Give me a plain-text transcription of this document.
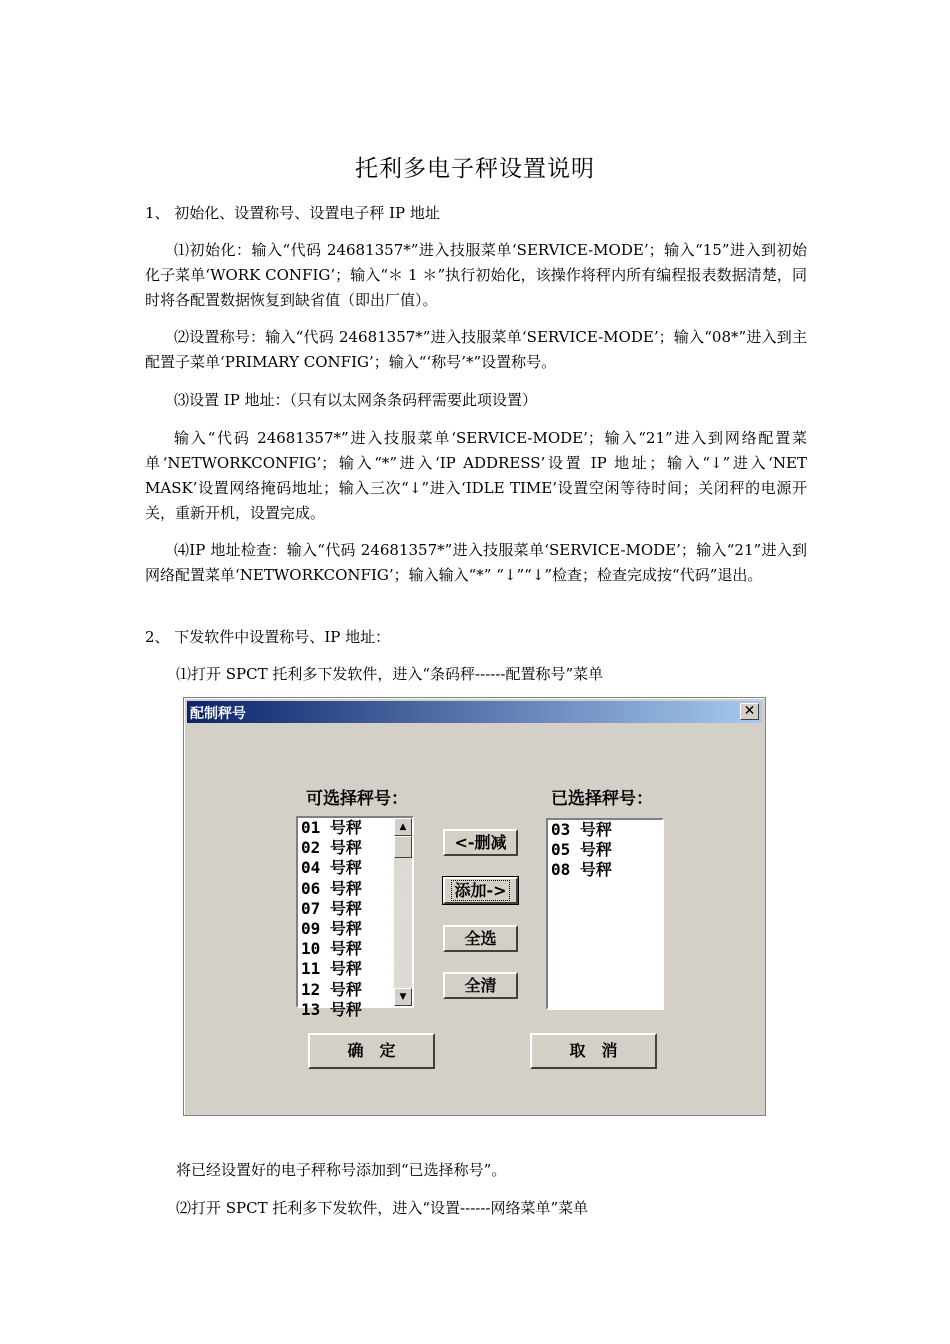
托利多电子秤设置说明
1、 初始化、设置称号、设置电子秤 IP 地址
⑴初始化：输入“代码 24681357*”进入技服菜单‘SERVICE-MODE’；输入“15”进入到初始化子菜单‘WORK CONFIG’；输入“＊ 1 ＊”执行初始化，该操作将秤内所有编程报表数据清楚，同时将各配置数据恢复到缺省值（即出厂值）。
⑵设置称号：输入“代码 24681357*”进入技服菜单‘SERVICE-MODE’；输入“08*”进入到主配置子菜单‘PRIMARY CONFIG’；输入“‘称号’*”设置称号。
⑶设置 IP 地址：（只有以太网条条码秤需要此项设置）
输入“代码 24681357*”进入技服菜单‘SERVICE-MODE’；输入“21”进入到网络配置菜单‘NETWORKCONFIG’；输入“*”进入‘IP ADDRESS’设置 IP 地址；输入“↓”进入‘NET MASK’设置网络掩码地址；输入三次“↓”进入‘IDLE TIME’设置空闲等待时间；关闭秤的电源开关，重新开机，设置完成。
⑷IP 地址检查：输入“代码 24681357*”进入技服菜单‘SERVICE-MODE’；输入“21”进入到网络配置菜单‘NETWORKCONFIG’；输入输入“*” “↓”“↓”检查；检查完成按“代码”退出。
2、 下发软件中设置称号、IP 地址：
⑴打开 SPCT 托利多下发软件，进入“条码秤------配置称号”菜单
配制秤号	✕
可选择秤号：	已选择秤号：
01 号秤
02 号秤
04 号秤
06 号秤
07 号秤
09 号秤
10 号秤
11 号秤
12 号秤
13 号秤
▲
▼
03 号秤
05 号秤
08 号秤
<-删减
添加->
全选
全清
确　定	取　消
将已经设置好的电子秤称号添加到“已选择称号”。
⑵打开 SPCT 托利多下发软件，进入“设置------网络菜单”菜单
